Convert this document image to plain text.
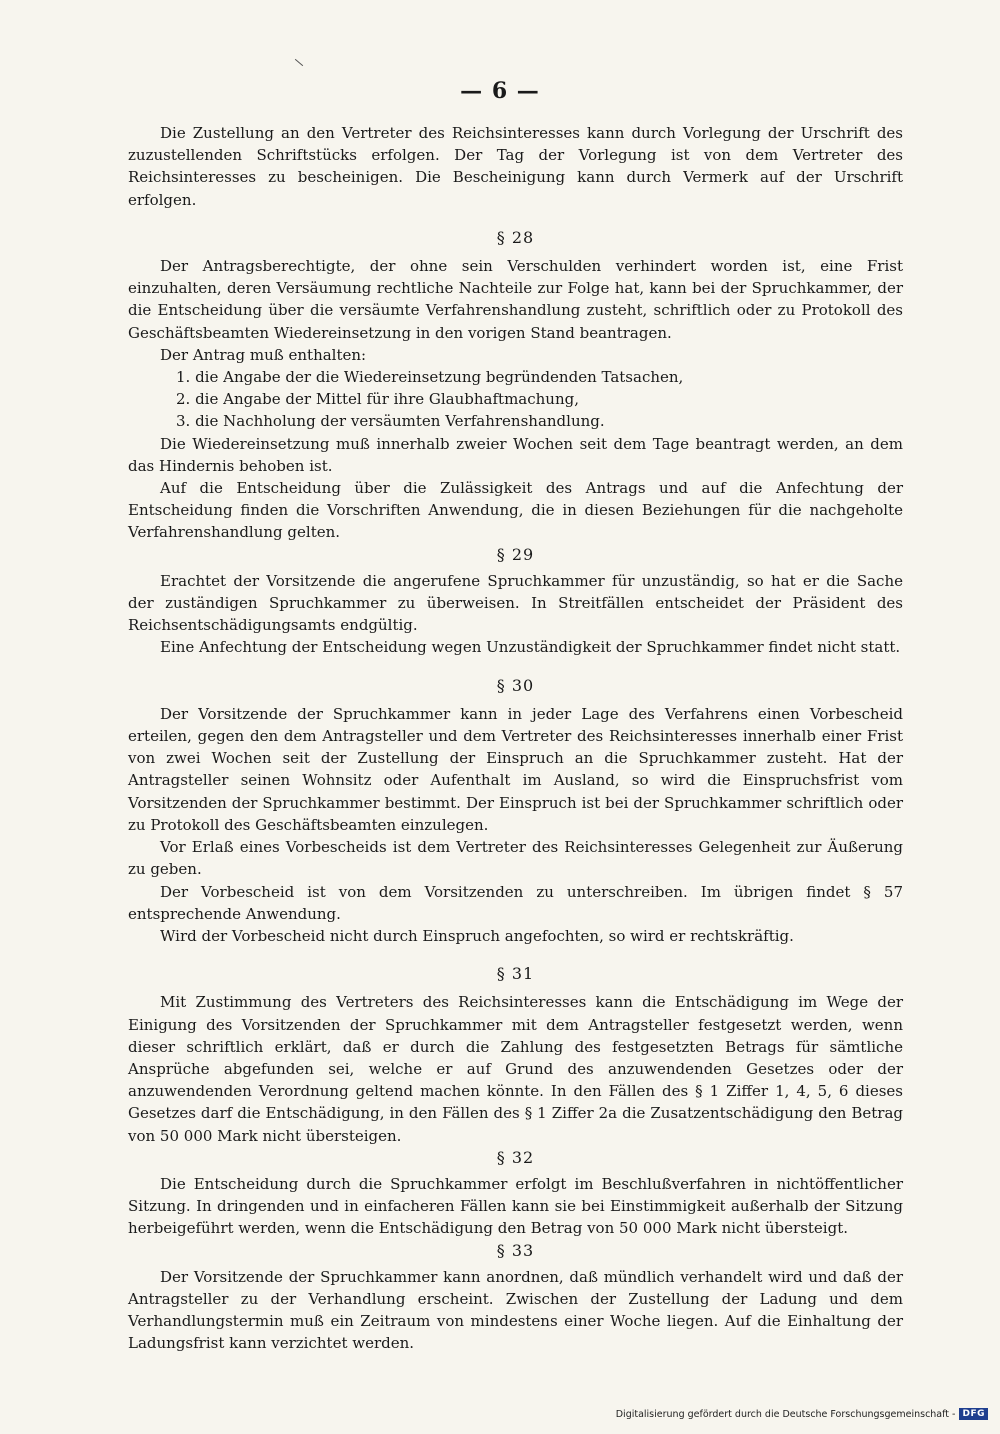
— 6 —

Die Zustellung an den Vertreter des Reichsinteresses kann durch Vorlegung der Urschrift des zuzustellenden Schriftstücks erfolgen. Der Tag der Vorlegung ist von dem Vertreter des Reichsinteresses zu bescheinigen. Die Bescheinigung kann durch Vermerk auf der Urschrift erfolgen.

§ 28

Der Antragsberechtigte, der ohne sein Verschulden verhindert worden ist, eine Frist einzuhalten, deren Versäumung rechtliche Nachteile zur Folge hat, kann bei der Spruchkammer, der die Entscheidung über die versäumte Verfahrenshandlung zusteht, schriftlich oder zu Protokoll des Geschäftsbeamten Wiedereinsetzung in den vorigen Stand beantragen.

Der Antrag muß enthalten:

1. die Angabe der die Wiedereinsetzung begründenden Tatsachen,
2. die Angabe der Mittel für ihre Glaubhaftmachung,
3. die Nachholung der versäumten Verfahrenshandlung.

Die Wiedereinsetzung muß innerhalb zweier Wochen seit dem Tage beantragt werden, an dem das Hindernis behoben ist.

Auf die Entscheidung über die Zulässigkeit des Antrags und auf die Anfechtung der Entscheidung finden die Vorschriften Anwendung, die in diesen Beziehungen für die nachgeholte Verfahrenshandlung gelten.

§ 29

Erachtet der Vorsitzende die angerufene Spruchkammer für unzuständig, so hat er die Sache der zuständigen Spruchkammer zu überweisen. In Streitfällen entscheidet der Präsident des Reichsentschädigungsamts endgültig.

Eine Anfechtung der Entscheidung wegen Unzuständigkeit der Spruchkammer findet nicht statt.

§ 30

Der Vorsitzende der Spruchkammer kann in jeder Lage des Verfahrens einen Vorbescheid erteilen, gegen den dem Antragsteller und dem Vertreter des Reichsinteresses innerhalb einer Frist von zwei Wochen seit der Zustellung der Einspruch an die Spruchkammer zusteht. Hat der Antragsteller seinen Wohnsitz oder Aufenthalt im Ausland, so wird die Einspruchsfrist vom Vorsitzenden der Spruchkammer bestimmt. Der Einspruch ist bei der Spruchkammer schriftlich oder zu Protokoll des Geschäftsbeamten einzulegen.

Vor Erlaß eines Vorbescheids ist dem Vertreter des Reichsinteresses Gelegenheit zur Äußerung zu geben.

Der Vorbescheid ist von dem Vorsitzenden zu unterschreiben. Im übrigen findet § 57 entsprechende Anwendung.

Wird der Vorbescheid nicht durch Einspruch angefochten, so wird er rechtskräftig.

§ 31

Mit Zustimmung des Vertreters des Reichsinteresses kann die Entschädigung im Wege der Einigung des Vorsitzenden der Spruchkammer mit dem Antragsteller festgesetzt werden, wenn dieser schriftlich erklärt, daß er durch die Zahlung des festgesetzten Betrags für sämtliche Ansprüche abgefunden sei, welche er auf Grund des anzuwendenden Gesetzes oder der anzuwendenden Verordnung geltend machen könnte. In den Fällen des § 1 Ziffer 1, 4, 5, 6 dieses Gesetzes darf die Entschädigung, in den Fällen des § 1 Ziffer 2a die Zusatzentschädigung den Betrag von 50 000 Mark nicht übersteigen.

§ 32

Die Entscheidung durch die Spruchkammer erfolgt im Beschlußverfahren in nichtöffentlicher Sitzung. In dringenden und in einfacheren Fällen kann sie bei Einstimmigkeit außerhalb der Sitzung herbeigeführt werden, wenn die Entschädigung den Betrag von 50 000 Mark nicht übersteigt.

§ 33

Der Vorsitzende der Spruchkammer kann anordnen, daß mündlich verhandelt wird und daß der Antragsteller zu der Verhandlung erscheint. Zwischen der Zustellung der Ladung und dem Verhandlungstermin muß ein Zeitraum von mindestens einer Woche liegen. Auf die Einhaltung der Ladungsfrist kann verzichtet werden.

Digitalisierung gefördert durch die Deutsche Forschungsgemeinschaft - DFG
